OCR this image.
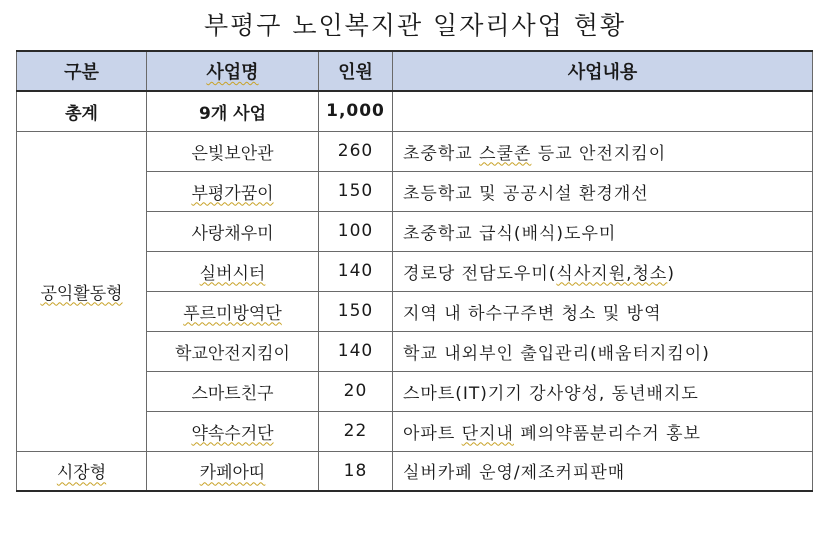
부평구 노인복지관 일자리사업 현황
구분	사업명	인원	사업내용
총계	9개 사업	1,000	
공익활동형	은빛보안관	260	초중학교 스쿨존 등교 안전지킴이
	부평가꿈이	150	초등학교 및 공공시설 환경개선
	사랑채우미	100	초중학교 급식(배식)도우미
	실버시터	140	경로당 전담도우미(식사지원,청소)
	푸르미방역단	150	지역 내 하수구주변 청소 및 방역
	학교안전지킴이	140	학교 내외부인 출입관리(배움터지킴이)
	스마트친구	20	스마트(IT)기기 강사양성, 동년배지도
	약속수거단	22	아파트 단지내 폐의약품분리수거 홍보
시장형	카페아띠	18	실버카페 운영/제조커피판매
